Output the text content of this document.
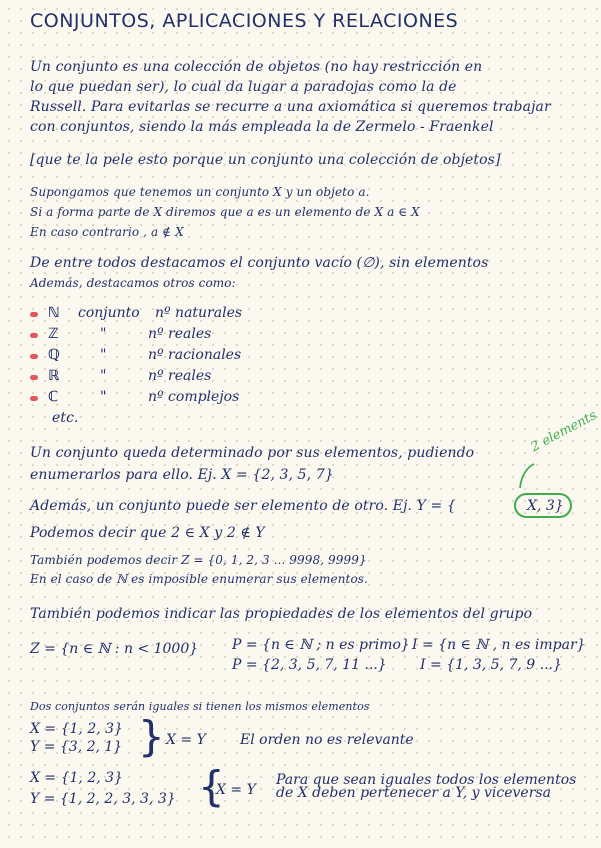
CONJUNTOS, APLICACIONES Y RELACIONES
Un conjunto es una colección de objetos (no hay restricción en
lo que puedan ser), lo cual da lugar a paradojas como la de
Russell. Para evitarlas se recurre a una axiomática si queremos trabajar
con conjuntos, siendo la más empleada la de Zermelo - Fraenkel
[que te la pele esto porque un conjunto una colección de objetos]
Supongamos que tenemos un conjunto X y un objeto a.
Si a forma parte de X diremos que a es un elemento de X a ∈ X
En caso contrario , a ∉ X
De entre todos destacamos el conjunto vacío (∅), sin elementos
Además, destacamos otros como:
ℕ conjunto nº naturales
ℤ	"	nº reales
ℚ	"	nº racionales
ℝ	"	nº reales
ℂ	"	nº complejos
etc.
Un conjunto queda determinado por sus elementos, pudiendo
enumerarlos para ello. Ej. X = {2, 3, 5, 7}
Además, un conjunto puede ser elemento de otro. Ej. Y = {	X, 3}
2 elements
Podemos decir que 2 ∈ X y 2 ∉ Y
También podemos decir Z = {0, 1, 2, 3 ... 9998, 9999}
En el caso de ℕ es imposible enumerar sus elementos.
También podemos indicar las propiedades de los elementos del grupo
Z = {n ∈ ℕ : n < 1000} P = {n ∈ ℕ ; n es primo}
P = {2, 3, 5, 7, 11 ...}
I = {n ∈ ℕ , n es impar}
I = {1, 3, 5, 7, 9 ...}
Dos conjuntos serán iguales si tienen los mismos elementos
X = {1, 2, 3}
Y = {3, 2, 1} } X = Y El orden no es relevante
X = {1, 2, 3}
Y = {1, 2, 2, 3, 3, 3} {
X = Y
Para que sean iguales todos los elementos
de X deben pertenecer a Y, y viceversa
